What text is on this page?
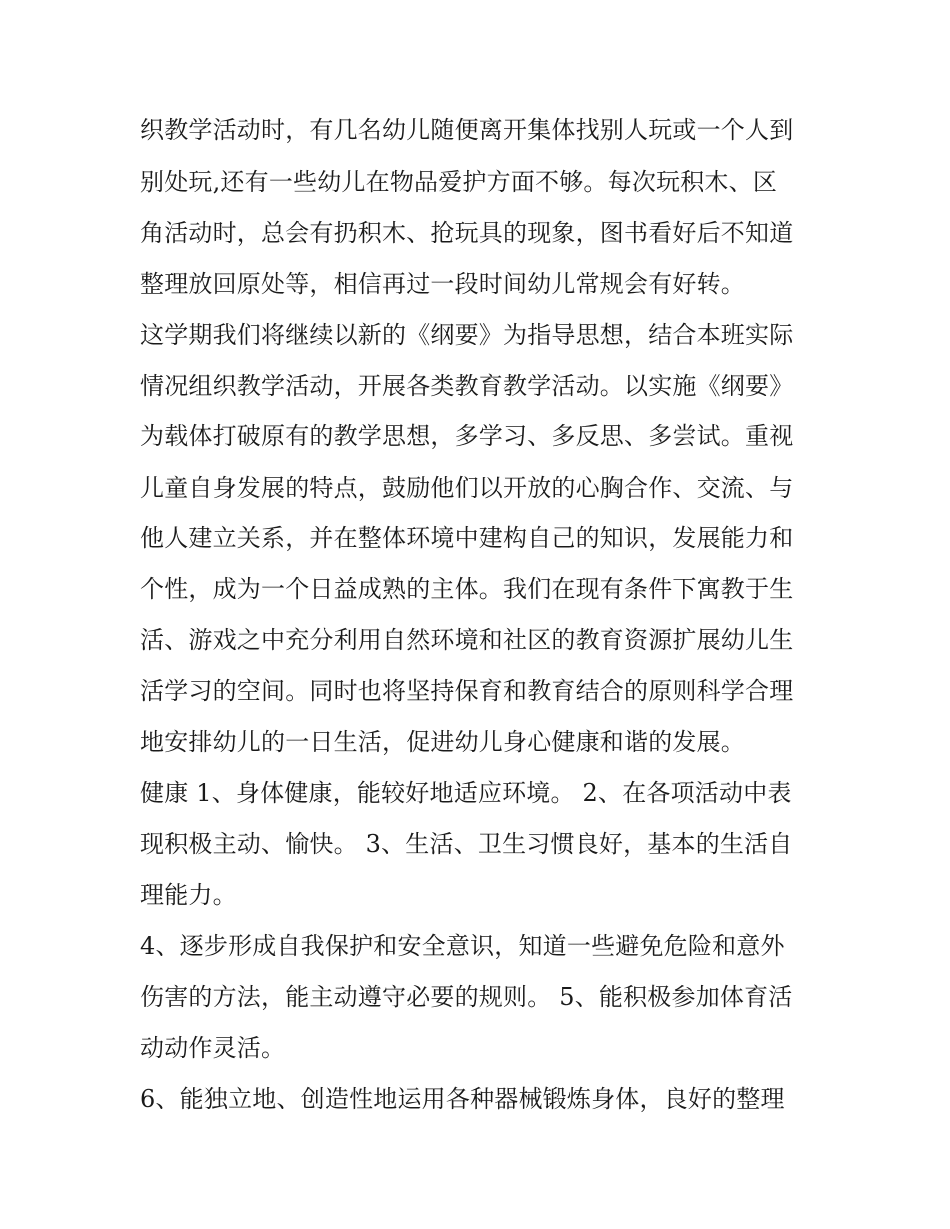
织教学活动时，有几名幼儿随便离开集体找别人玩或一个人到
别处玩,还有一些幼儿在物品爱护方面不够。每次玩积木、区
角活动时，总会有扔积木、抢玩具的现象，图书看好后不知道
整理放回原处等，相信再过一段时间幼儿常规会有好转。
这学期我们将继续以新的《纲要》为指导思想，结合本班实际
情况组织教学活动，开展各类教育教学活动。以实施《纲要》
为载体打破原有的教学思想，多学习、多反思、多尝试。重视
儿童自身发展的特点，鼓励他们以开放的心胸合作、交流、与
他人建立关系，并在整体环境中建构自己的知识，发展能力和
个性，成为一个日益成熟的主体。我们在现有条件下寓教于生
活、游戏之中充分利用自然环境和社区的教育资源扩展幼儿生
活学习的空间。同时也将坚持保育和教育结合的原则科学合理
地安排幼儿的一日生活，促进幼儿身心健康和谐的发展。
健康 1、身体健康，能较好地适应环境。 2、在各项活动中表
现积极主动、愉快。 3、生活、卫生习惯良好，基本的生活自
理能力。
4、逐步形成自我保护和安全意识，知道一些避免危险和意外
伤害的方法，能主动遵守必要的规则。 5、能积极参加体育活
动动作灵活。
6、能独立地、创造性地运用各种器械锻炼身体，良好的整理
